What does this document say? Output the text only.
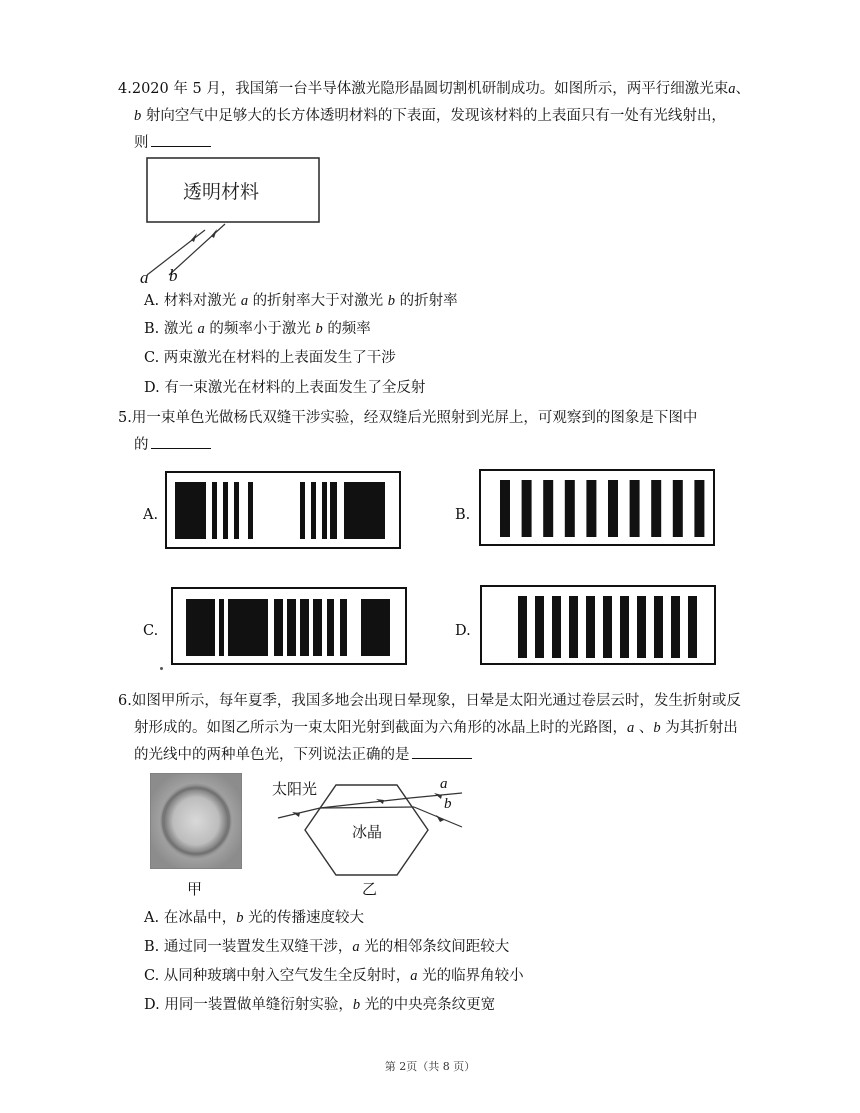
4.2020 年 5 月，我国第一台半导体激光隐形晶圆切割机研制成功。如图所示，两平行细激光束a、
b 射向空气中足够大的长方体透明材料的下表面，发现该材料的上表面只有一处有光线射出，
则
透明材料
a b
A. 材料对激光 a 的折射率大于对激光 b 的折射率
B. 激光 a 的频率小于激光 b 的频率
C. 两束激光在材料的上表面发生了干涉
D. 有一束激光在材料的上表面发生了全反射
5.用一束单色光做杨氏双缝干涉实验，经双缝后光照射到光屏上，可观察到的图象是下图中
的
A.	B.
C.	D.
6.如图甲所示，每年夏季，我国多地会出现日晕现象，日晕是太阳光通过卷层云时，发生折射或反
射形成的。如图乙所示为一束太阳光射到截面为六角形的冰晶上时的光路图，a 、b 为其折射出
的光线中的两种单色光，下列说法正确的是
甲
太阳光
冰晶
a
b
乙
A. 在冰晶中，b 光的传播速度较大
B. 通过同一装置发生双缝干涉，a 光的相邻条纹间距较大
C. 从同种玻璃中射入空气发生全反射时，a 光的临界角较小
D. 用同一装置做单缝衍射实验，b 光的中央亮条纹更宽
第 2页（共 8 页）
